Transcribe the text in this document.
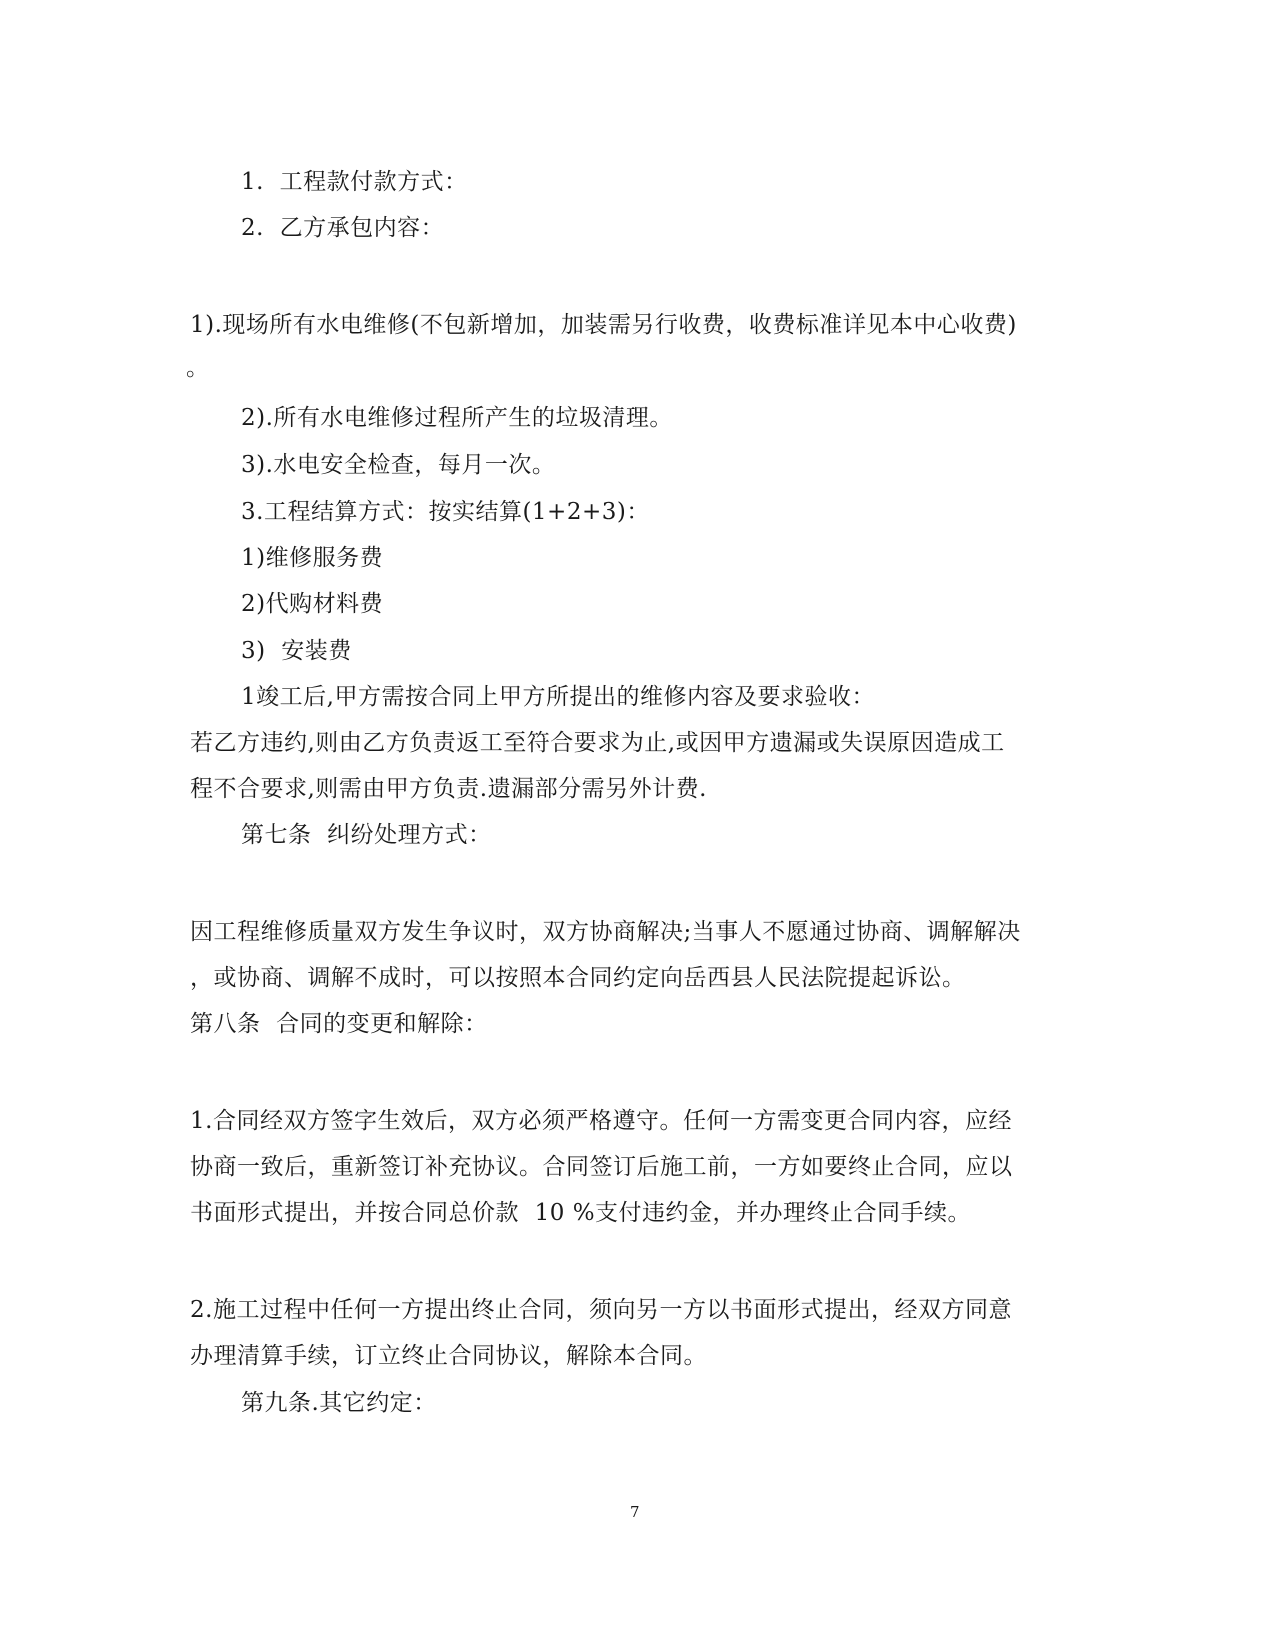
1.  工程款付款方式：
2.  乙方承包内容：
1).现场所有水电维修(不包新增加，加装需另行收费，收费标准详见本中心收费)
。
2).所有水电维修过程所产生的垃圾清理。
3).水电安全检查，每月一次。
3.工程结算方式：按实结算(1+2+3)：
1)维修服务费
2)代购材料费
3)  安装费
1竣工后,甲方需按合同上甲方所提出的维修内容及要求验收：
若乙方违约,则由乙方负责返工至符合要求为止,或因甲方遗漏或失误原因造成工
程不合要求,则需由甲方负责.遗漏部分需另外计费.
第七条  纠纷处理方式：
因工程维修质量双方发生争议时，双方协商解决;当事人不愿通过协商、调解解决
，或协商、调解不成时，可以按照本合同约定向岳西县人民法院提起诉讼。
第八条  合同的变更和解除：
1.合同经双方签字生效后，双方必须严格遵守。任何一方需变更合同内容，应经
协商一致后，重新签订补充协议。合同签订后施工前，一方如要终止合同，应以
书面形式提出，并按合同总价款  10 %支付违约金，并办理终止合同手续。
2.施工过程中任何一方提出终止合同，须向另一方以书面形式提出，经双方同意
办理清算手续，订立终止合同协议，解除本合同。
第九条.其它约定：
7
